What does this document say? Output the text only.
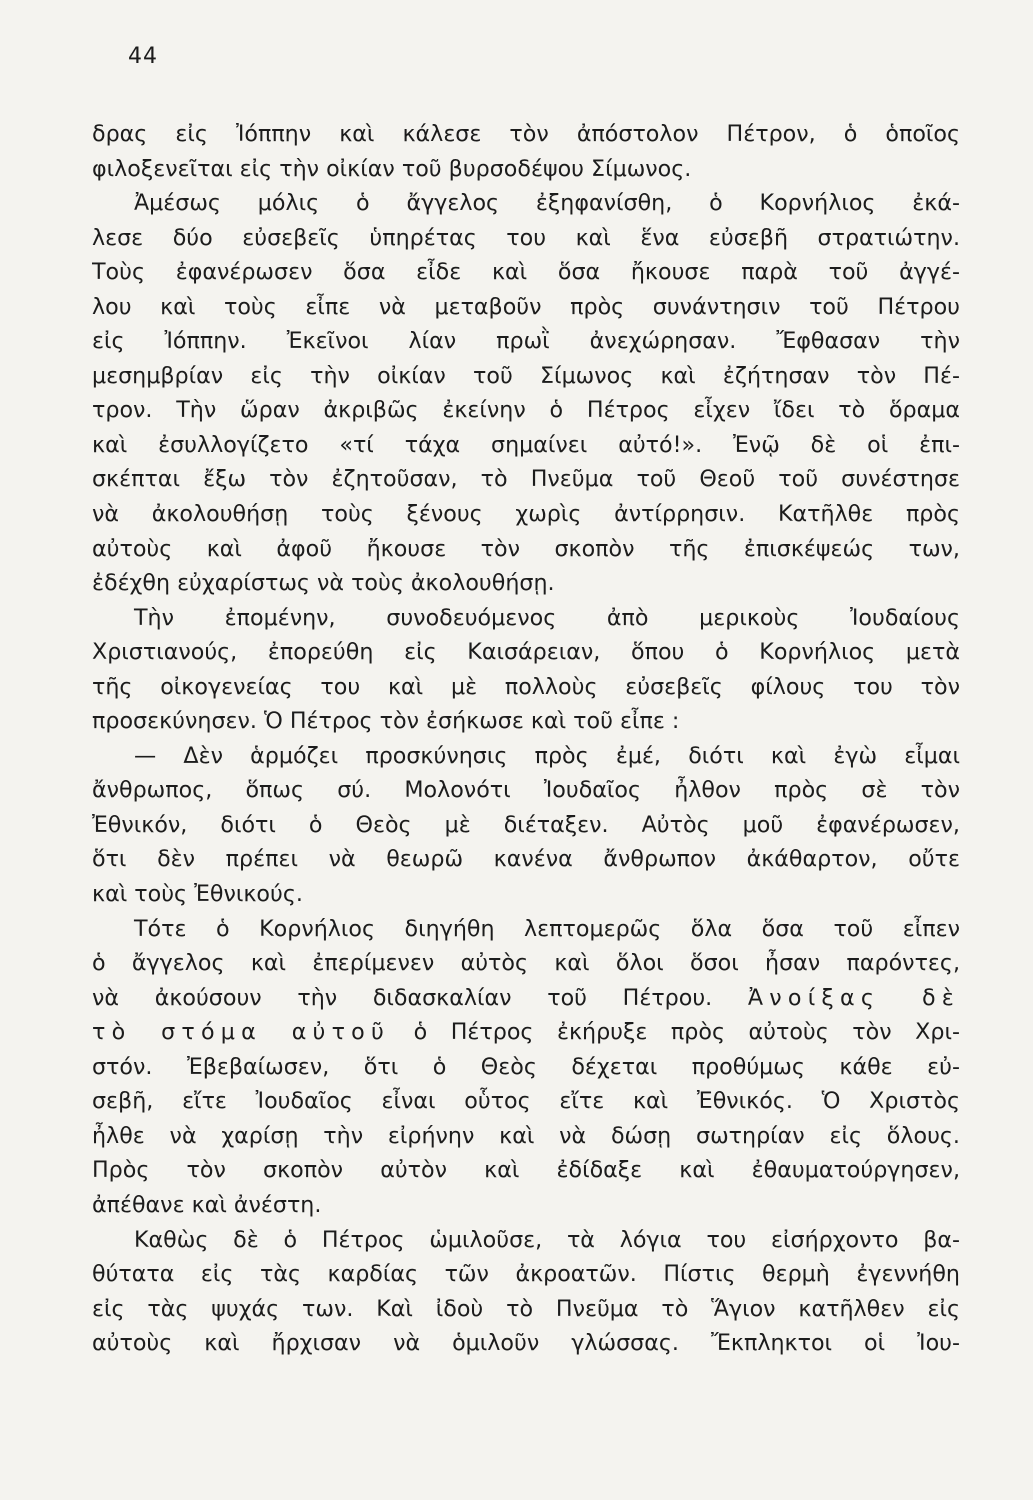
44
δρας εἰς Ἰόππην καὶ κάλεσε τὸν ἀπόστολον Πέτρον, ὁ ὁποῖος
φιλοξενεῖται εἰς τὴν οἰκίαν τοῦ βυρσοδέψου Σίμωνος.
Ἀμέσως μόλις ὁ ἄγγελος ἐξηφανίσθη, ὁ Κορνήλιος ἐκά-
λεσε δύο εὐσεβεῖς ὑπηρέτας του καὶ ἕνα εὐσεβῆ στρατιώτην.
Τοὺς ἐφανέρωσεν ὅσα εἶδε καὶ ὅσα ἤκουσε παρὰ τοῦ ἀγγέ-
λου καὶ τοὺς εἶπε νὰ μεταβοῦν πρὸς συνάντησιν τοῦ Πέτρου
εἰς Ἰόππην. Ἐκεῖνοι λίαν πρωῒ ἀνεχώρησαν. Ἔφθασαν τὴν
μεσημβρίαν εἰς τὴν οἰκίαν τοῦ Σίμωνος καὶ ἐζήτησαν τὸν Πέ-
τρον. Τὴν ὥραν ἀκριβῶς ἐκείνην ὁ Πέτρος εἶχεν ἴδει τὸ ὅραμα
καὶ ἐσυλλογίζετο «τί τάχα σημαίνει αὐτό!». Ἐνῷ δὲ οἱ ἐπι-
σκέπται ἔξω τὸν ἐζητοῦσαν, τὸ Πνεῦμα τοῦ Θεοῦ τοῦ συνέστησε
νὰ ἀκολουθήσῃ τοὺς ξένους χωρὶς ἀντίρρησιν. Κατῆλθε πρὸς
αὐτοὺς καὶ ἀφοῦ ἤκουσε τὸν σκοπὸν τῆς ἐπισκέψεώς των,
ἐδέχθη εὐχαρίστως νὰ τοὺς ἀκολουθήσῃ.
Τὴν ἐπομένην, συνοδευόμενος ἀπὸ μερικοὺς Ἰουδαίους
Χριστιανούς, ἐπορεύθη εἰς Καισάρειαν, ὅπου ὁ Κορνήλιος μετὰ
τῆς οἰκογενείας του καὶ μὲ πολλοὺς εὐσεβεῖς φίλους του τὸν
προσεκύνησεν. Ὁ Πέτρος τὸν ἐσήκωσε καὶ τοῦ εἶπε :
— Δὲν ἁρμόζει προσκύνησις πρὸς ἐμέ, διότι καὶ ἐγὼ εἶμαι
ἄνθρωπος, ὅπως σύ. Μολονότι Ἰουδαῖος ἦλθον πρὸς σὲ τὸν
Ἐθνικόν, διότι ὁ Θεὸς μὲ διέταξεν. Αὐτὸς μοῦ ἐφανέρωσεν,
ὅτι δὲν πρέπει νὰ θεωρῶ κανένα ἄνθρωπον ἀκάθαρτον, οὔτε
καὶ τοὺς Ἐθνικούς.
Τότε ὁ Κορνήλιος διηγήθη λεπτομερῶς ὅλα ὅσα τοῦ εἶπεν
ὁ ἄγγελος καὶ ἐπερίμενεν αὐτὸς καὶ ὅλοι ὅσοι ἦσαν παρόντες,
νὰ ἀκούσουν τὴν διδασκαλίαν τοῦ Πέτρου. Ἀνοίξας δὲ
τὸ στόμα αὐτοῦ ὁ Πέτρος ἐκήρυξε πρὸς αὐτοὺς τὸν Χρι-
στόν. Ἐβεβαίωσεν, ὅτι ὁ Θεὸς δέχεται προθύμως κάθε εὐ-
σεβῆ, εἴτε Ἰουδαῖος εἶναι οὗτος εἴτε καὶ Ἐθνικός. Ὁ Χριστὸς
ἦλθε νὰ χαρίσῃ τὴν εἰρήνην καὶ νὰ δώσῃ σωτηρίαν εἰς ὅλους.
Πρὸς τὸν σκοπὸν αὐτὸν καὶ ἐδίδαξε καὶ ἐθαυματούργησεν,
ἀπέθανε καὶ ἀνέστη.
Καθὼς δὲ ὁ Πέτρος ὡμιλοῦσε, τὰ λόγια του εἰσήρχοντο βα-
θύτατα εἰς τὰς καρδίας τῶν ἀκροατῶν. Πίστις θερμὴ ἐγεννήθη
εἰς τὰς ψυχάς των. Καὶ ἰδοὺ τὸ Πνεῦμα τὸ Ἅγιον κατῆλθεν εἰς
αὐτοὺς καὶ ἤρχισαν νὰ ὁμιλοῦν γλώσσας. Ἔκπληκτοι οἱ Ἰου-
